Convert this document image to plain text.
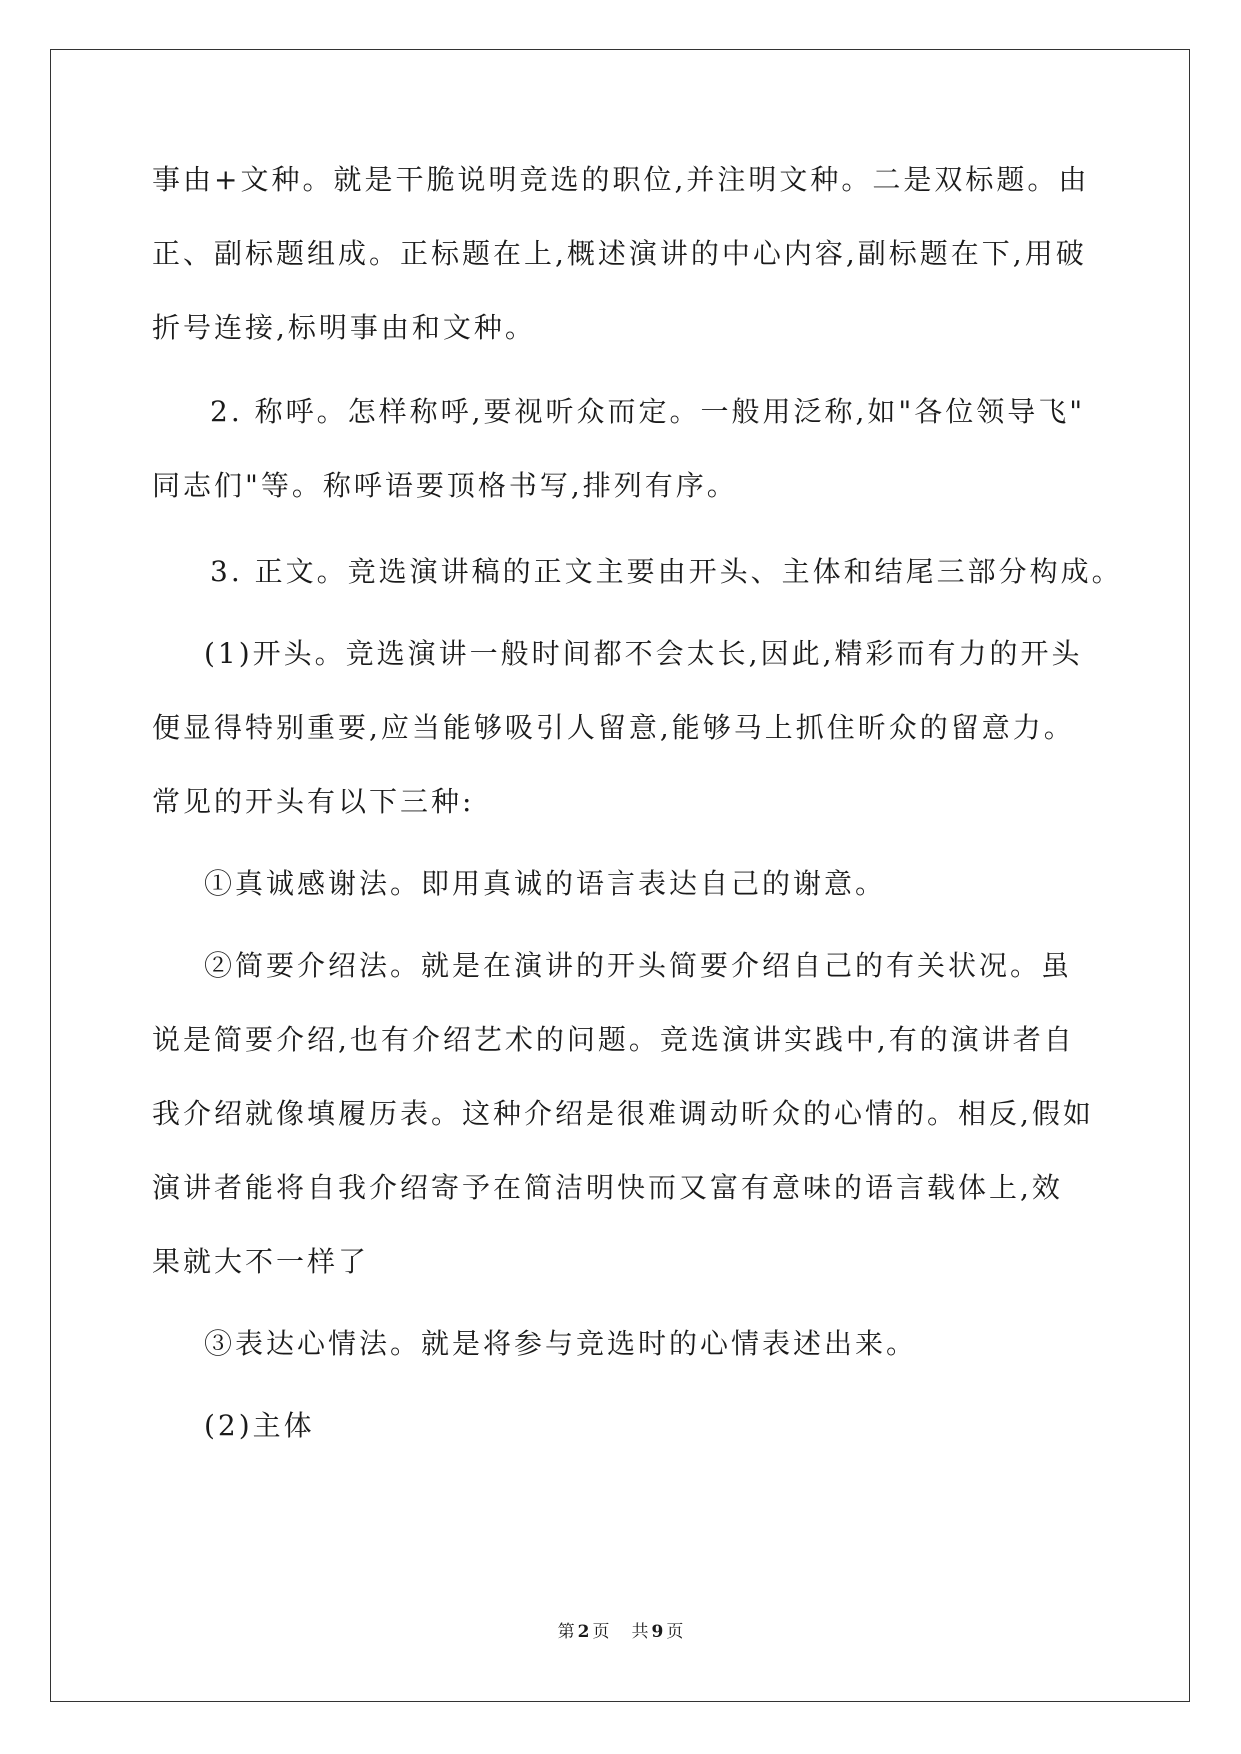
事由+文种。就是干脆说明竞选的职位,并注明文种。二是双标题。由
正、副标题组成。正标题在上,概述演讲的中心内容,副标题在下,用破
折号连接,标明事由和文种。
2. 称呼。怎样称呼,要视听众而定。一般用泛称,如"各位领导飞"
同志们"等。称呼语要顶格书写,排列有序。
3. 正文。竞选演讲稿的正文主要由开头、主体和结尾三部分构成。
(1)开头。竞选演讲一般时间都不会太长,因此,精彩而有力的开头
便显得特别重要,应当能够吸引人留意,能够马上抓住昕众的留意力。
常见的开头有以下三种:
①真诚感谢法。即用真诚的语言表达自己的谢意。
②简要介绍法。就是在演讲的开头简要介绍自己的有关状况。虽
说是简要介绍,也有介绍艺术的问题。竞选演讲实践中,有的演讲者自
我介绍就像填履历表。这种介绍是很难调动昕众的心情的。相反,假如
演讲者能将自我介绍寄予在简洁明快而又富有意味的语言载体上,效
果就大不一样了
③表达心情法。就是将参与竞选时的心情表述出来。
(2)主体
第 2 页 共 9 页
